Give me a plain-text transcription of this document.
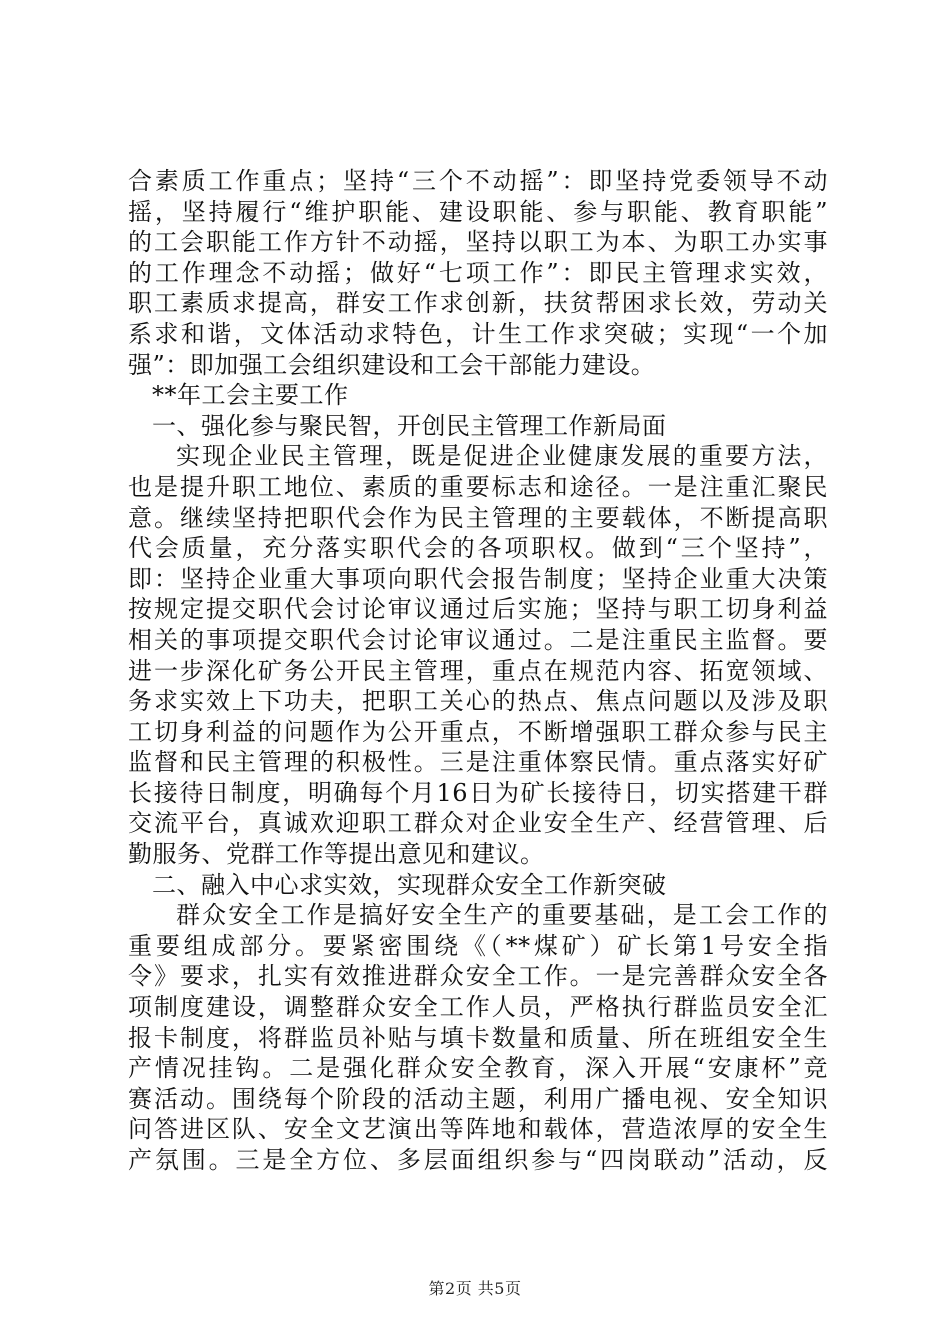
合素质工作重点；坚持“三个不动摇”：即坚持党委领导不动
摇，坚持履行“维护职能、建设职能、参与职能、教育职能”
的工会职能工作方针不动摇，坚持以职工为本、为职工办实事
的工作理念不动摇；做好“七项工作”：即民主管理求实效，
职工素质求提高，群安工作求创新，扶贫帮困求长效，劳动关
系求和谐，文体活动求特色，计生工作求突破；实现“一个加
强”：即加强工会组织建设和工会干部能力建设。
**年工会主要工作
一、强化参与聚民智，开创民主管理工作新局面
实现企业民主管理，既是促进企业健康发展的重要方法，
也是提升职工地位、素质的重要标志和途径。一是注重汇聚民
意。继续坚持把职代会作为民主管理的主要载体，不断提高职
代会质量，充分落实职代会的各项职权。做到“三个坚持”，
即：坚持企业重大事项向职代会报告制度；坚持企业重大决策
按规定提交职代会讨论审议通过后实施；坚持与职工切身利益
相关的事项提交职代会讨论审议通过。二是注重民主监督。要
进一步深化矿务公开民主管理，重点在规范内容、拓宽领域、
务求实效上下功夫，把职工关心的热点、焦点问题以及涉及职
工切身利益的问题作为公开重点，不断增强职工群众参与民主
监督和民主管理的积极性。三是注重体察民情。重点落实好矿
长接待日制度，明确每个月16日为矿长接待日，切实搭建干群
交流平台，真诚欢迎职工群众对企业安全生产、经营管理、后
勤服务、党群工作等提出意见和建议。
二、融入中心求实效，实现群众安全工作新突破
群众安全工作是搞好安全生产的重要基础，是工会工作的
重要组成部分。要紧密围绕《（**煤矿）矿长第1号安全指
令》要求，扎实有效推进群众安全工作。一是完善群众安全各
项制度建设，调整群众安全工作人员，严格执行群监员安全汇
报卡制度，将群监员补贴与填卡数量和质量、所在班组安全生
产情况挂钩。二是强化群众安全教育，深入开展“安康杯”竞
赛活动。围绕每个阶段的活动主题，利用广播电视、安全知识
问答进区队、安全文艺演出等阵地和载体，营造浓厚的安全生
产氛围。三是全方位、多层面组织参与“四岗联动”活动，反
第2页 共5页
